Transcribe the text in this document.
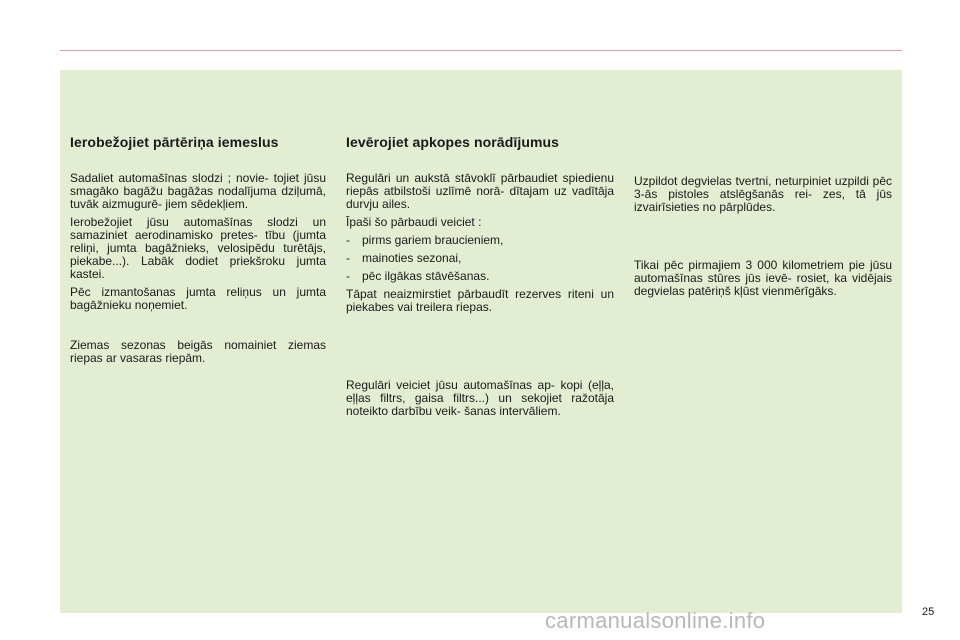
Ierobežojiet pārtēriņa iemeslus

Sadaliet automašīnas slodzi ; novie- tojiet jūsu smagāko bagāžu bagāžas nodalījuma dziļumā, tuvāk aizmugurē- jiem sēdekļiem.

Ierobežojiet jūsu automašīnas slodzi un samaziniet aerodinamisko pretes- tību (jumta reliņi, jumta bagāžnieks, velosipēdu turētājs, piekabe...). Labāk dodiet priekšroku jumta kastei.

Pēc izmantošanas jumta reliņus un jumta bagāžnieku noņemiet.

Ziemas sezonas beigās nomainiet ziemas riepas ar vasaras riepām.

Ievērojiet apkopes norādījumus

Regulāri un aukstā stāvoklī pārbaudiet spiedienu riepās atbilstoši uzlīmē norā- dītajam uz vadītāja durvju ailes.

Īpaši šo pārbaudi veiciet :

-	pirms gariem braucieniem,
-	mainoties sezonai,
-	pēc ilgākas stāvēšanas.

Tāpat neaizmirstiet pārbaudīt rezerves riteni un piekabes vai treilera riepas.

Regulāri veiciet jūsu automašīnas ap- kopi (eļļa, eļļas filtrs, gaisa filtrs...) un sekojiet ražotāja noteikto darbību veik- šanas intervāliem.

Uzpildot degvielas tvertni, neturpiniet uzpildi pēc 3-ās pistoles atslēgšanās rei- zes, tā jūs izvairīsieties no pārplūdes.

Tikai pēc pirmajiem 3 000 kilometriem pie jūsu automašīnas stūres jūs ievē- rosiet, ka vidējais degvielas patēriņš kļūst vienmērīgāks.

carmanualsonline.info	25
